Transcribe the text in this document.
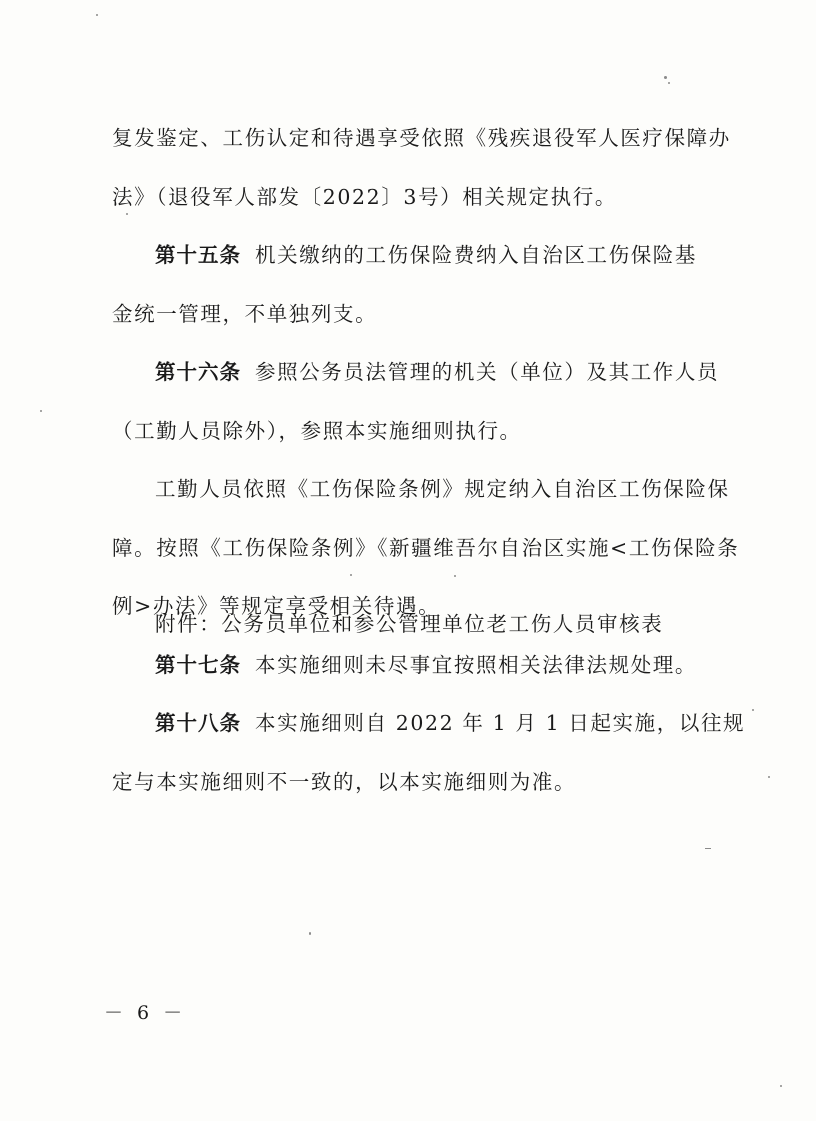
复发鉴定、工伤认定和待遇享受依照《残疾退役军人医疗保障办
法》（退役军人部发〔2022〕3号）相关规定执行。
第十五条 机关缴纳的工伤保险费纳入自治区工伤保险基
金统一管理，不单独列支。
第十六条 参照公务员法管理的机关（单位）及其工作人员
（工勤人员除外），参照本实施细则执行。
工勤人员依照《工伤保险条例》规定纳入自治区工伤保险保
障。按照《工伤保险条例》《新疆维吾尔自治区实施<工伤保险条
例>办法》等规定享受相关待遇。
第十七条 本实施细则未尽事宜按照相关法律法规处理。
第十八条 本实施细则自 2022 年 1 月 1 日起实施，以往规
定与本实施细则不一致的，以本实施细则为准。
附件：公务员单位和参公管理单位老工伤人员审核表
－ 6 －
